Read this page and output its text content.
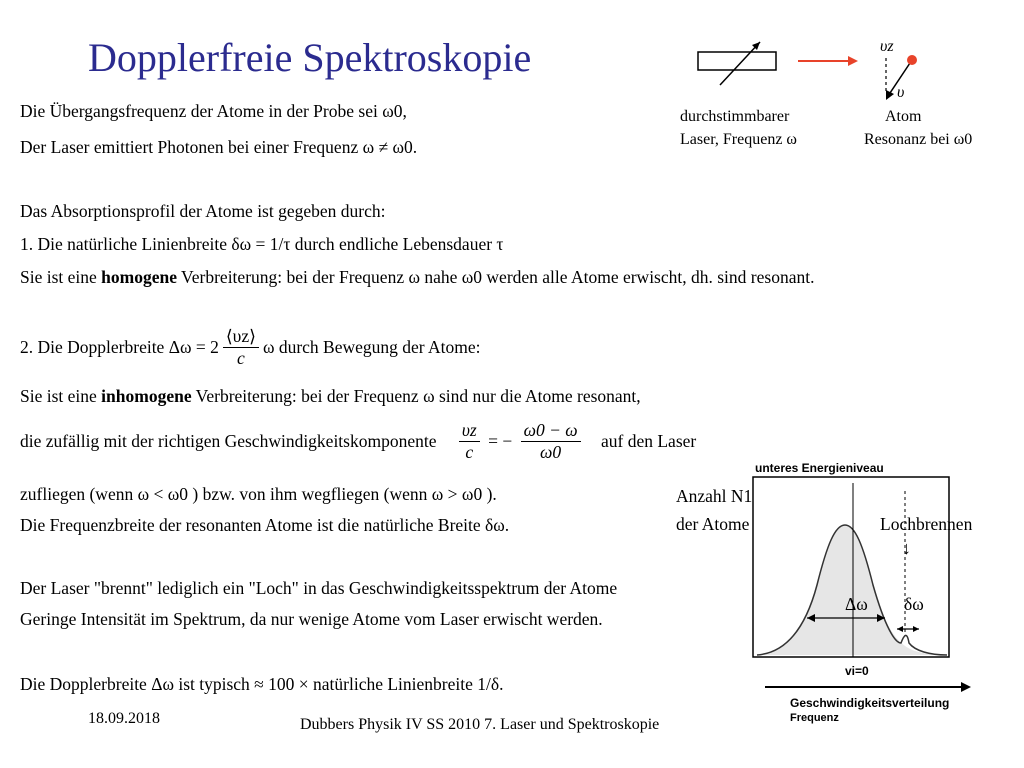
Dopplerfreie Spektroskopie	υz
υ
durchstimmbarer
Laser, Frequenz ω
Atom
Resonanz bei ω0
Die Übergangsfrequenz der Atome in der Probe sei ω0,
Der Laser emittiert Photonen bei einer Frequenz ω ≠ ω0.
Das Absorptionsprofil der Atome ist gegeben durch:
1. Die natürliche Linienbreite δω = 1/τ durch endliche Lebensdauer τ
Sie ist eine homogene Verbreiterung: bei der Frequenz ω nahe ω0 werden alle Atome erwischt, dh. sind resonant.
2. Die Dopplerbreite $\Delta\omega = 2 \frac{⟨\upsilon z⟩}{c}$ ω durch Bewegung der Atome:
Sie ist eine inhomogene Verbreiterung: bei der Frequenz ω sind nur die Atome resonant,
die zufällig mit der richtigen Geschwindigkeitskomponente $\frac{\upsilon z}{c}$ = − $\frac{\omega 0 - \omega}{\omega 0}$ auf den Laser
zufliegen (wenn ω < ω0 ) bzw. von ihm wegfliegen (wenn ω > ω0 ).
Die Frequenzbreite der resonanten Atome ist die natürliche Breite δω.
Der Laser "brennt" lediglich ein "Loch" in das Geschwindigkeitsspektrum der Atome
Geringe Intensität im Spektrum, da nur wenige Atome vom Laser erwischt werden.
Die Dopplerbreite Δω ist typisch ≈ 100 × natürliche Linienbreite 1/δ.
unteres Energieniveau
Anzahl N1
der Atome	Lochbrennen
↓
Δω δω
vi=0
Geschwindigkeitsverteilung
Frequenz
18.09.2018	Dubbers Physik IV SS 2010 7. Laser und Spektroskopie
